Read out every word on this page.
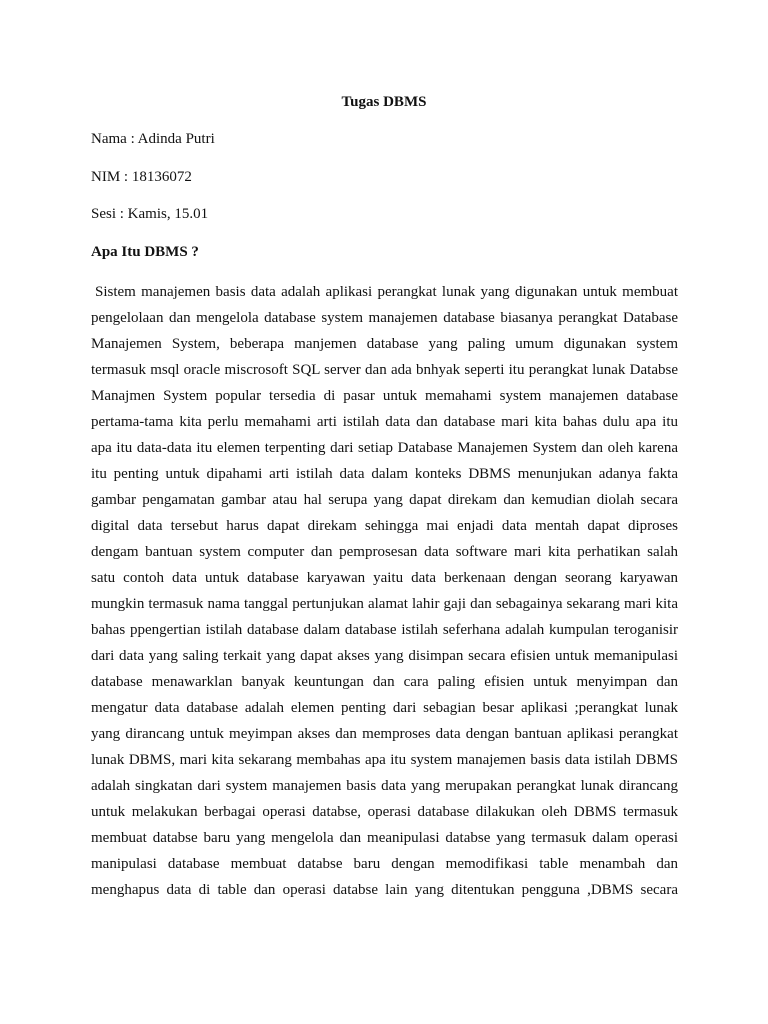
Tugas DBMS
Nama : Adinda Putri
NIM : 18136072
Sesi : Kamis, 15.01
Apa Itu DBMS ?
Sistem manajemen basis data adalah aplikasi perangkat lunak yang digunakan untuk membuat
pengelolaan dan mengelola database system manajemen database biasanya perangkat Database
Manajemen System, beberapa manjemen database yang paling umum digunakan system
termasuk msql oracle miscrosoft SQL server dan ada bnhyak seperti itu perangkat lunak Databse
Manajmen System popular tersedia di pasar untuk memahami system manajemen database
pertama-tama kita perlu memahami arti istilah data dan database mari kita bahas dulu apa itu
apa itu data-data itu elemen terpenting dari setiap Database Manajemen System dan oleh karena
itu penting untuk dipahami arti istilah data dalam konteks DBMS menunjukan adanya fakta
gambar pengamatan gambar atau hal serupa yang dapat direkam dan kemudian diolah secara
digital data tersebut harus dapat direkam sehingga mai enjadi data mentah dapat diproses
dengam bantuan system computer dan pemprosesan data software mari kita perhatikan salah
satu contoh data untuk database karyawan yaitu data berkenaan dengan seorang karyawan
mungkin termasuk nama tanggal pertunjukan alamat lahir gaji dan sebagainya sekarang mari kita
bahas ppengertian istilah database dalam database istilah seferhana adalah kumpulan teroganisir
dari data yang saling terkait yang dapat akses yang disimpan secara efisien untuk memanipulasi
database menawarklan banyak keuntungan dan cara paling efisien untuk menyimpan dan
mengatur data database adalah elemen penting dari sebagian besar aplikasi ;perangkat lunak
yang dirancang untuk meyimpan akses dan memproses data dengan bantuan aplikasi perangkat
lunak DBMS, mari kita sekarang membahas apa itu system manajemen basis data istilah DBMS
adalah singkatan dari system manajemen basis data yang merupakan perangkat lunak dirancang
untuk melakukan berbagai operasi databse, operasi database dilakukan oleh DBMS termasuk
membuat databse baru yang mengelola dan meanipulasi databse yang termasuk dalam operasi
manipulasi database membuat databse baru dengan memodifikasi table menambah dan
menghapus data di table dan operasi databse lain yang ditentukan pengguna ,DBMS secara
